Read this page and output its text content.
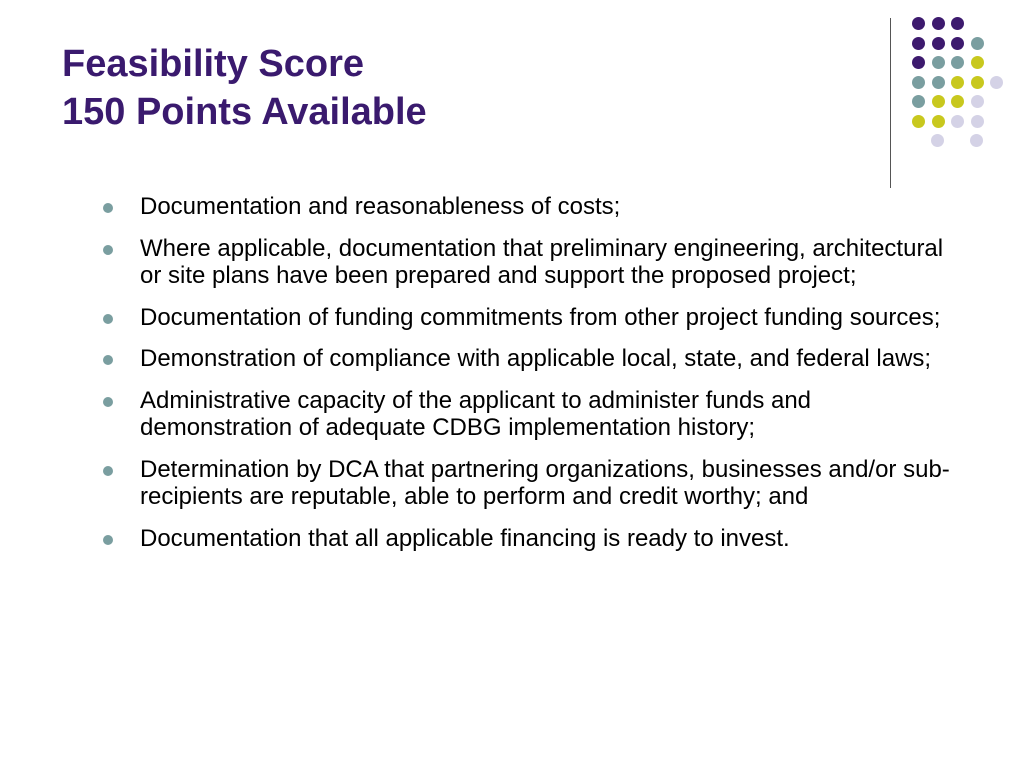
Feasibility Score
150 Points Available
Documentation and reasonableness of costs;
Where applicable, documentation that preliminary engineering, architectural or site plans have been prepared and support the proposed project;
Documentation of funding commitments from other project funding sources;
Demonstration of compliance with applicable local, state, and federal laws;
Administrative capacity of the applicant to administer funds and demonstration of adequate CDBG implementation history;
Determination by DCA that partnering organizations, businesses and/or sub-recipients are reputable, able to perform and credit worthy; and
Documentation that all applicable financing is ready to invest.
